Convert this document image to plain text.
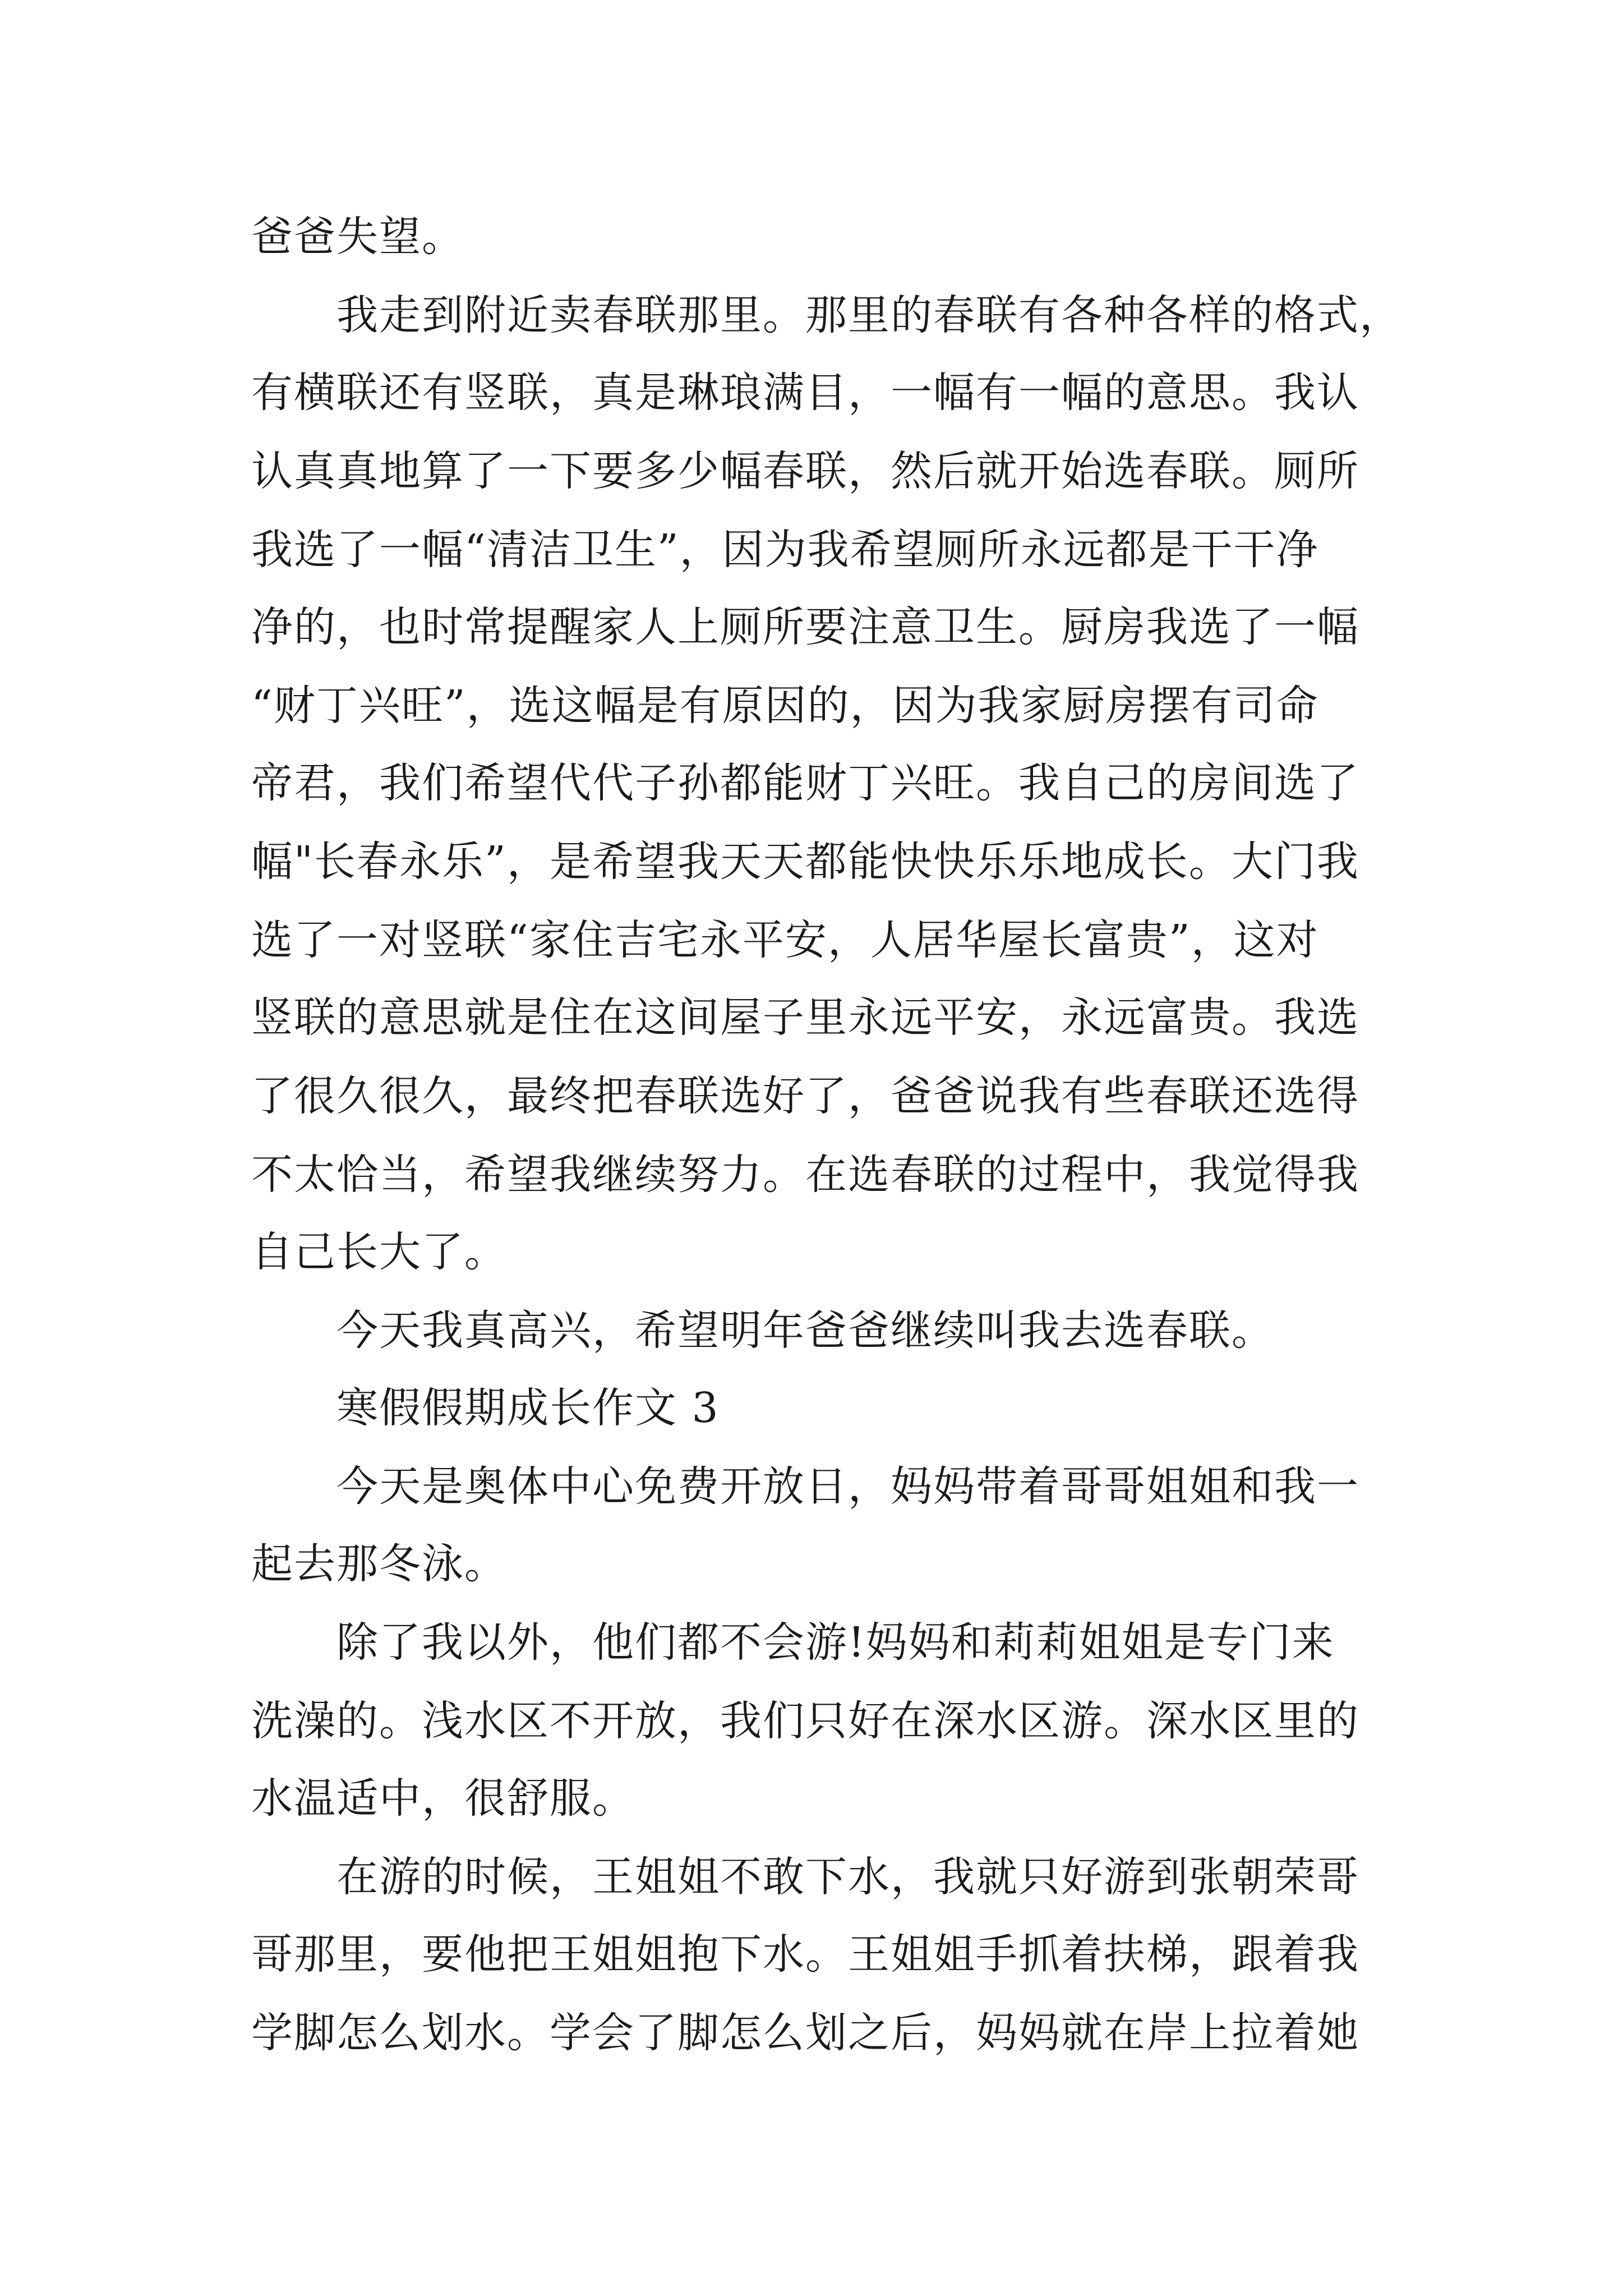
爸爸失望。
我走到附近卖春联那里。那里的春联有各种各样的格式，
有横联还有竖联，真是琳琅满目，一幅有一幅的意思。我认
认真真地算了一下要多少幅春联，然后就开始选春联。厕所
我选了一幅“清洁卫生”，因为我希望厕所永远都是干干净
净的，也时常提醒家人上厕所要注意卫生。厨房我选了一幅
“财丁兴旺”，选这幅是有原因的，因为我家厨房摆有司命
帝君，我们希望代代子孙都能财丁兴旺。我自己的房间选了
幅"长春永乐”，是希望我天天都能快快乐乐地成长。大门我
选了一对竖联“家住吉宅永平安，人居华屋长富贵”，这对
竖联的意思就是住在这间屋子里永远平安，永远富贵。我选
了很久很久，最终把春联选好了，爸爸说我有些春联还选得
不太恰当，希望我继续努力。在选春联的过程中，我觉得我
自己长大了。
今天我真高兴，希望明年爸爸继续叫我去选春联。
寒假假期成长作文 3
今天是奥体中心免费开放日，妈妈带着哥哥姐姐和我一
起去那冬泳。
除了我以外，他们都不会游!妈妈和莉莉姐姐是专门来
洗澡的。浅水区不开放，我们只好在深水区游。深水区里的
水温适中，很舒服。
在游的时候，王姐姐不敢下水，我就只好游到张朝荣哥
哥那里，要他把王姐姐抱下水。王姐姐手抓着扶梯，跟着我
学脚怎么划水。学会了脚怎么划之后，妈妈就在岸上拉着她
